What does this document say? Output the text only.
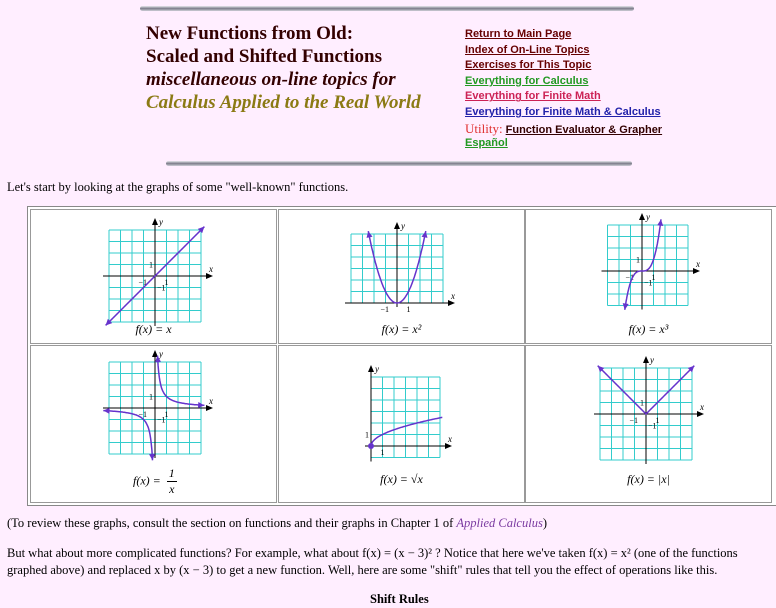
New Functions from Old:
Scaled and Shifted Functions
miscellaneous on-line topics for
Calculus Applied to the Real World
Return to Main Page
Index of On-Line Topics
Exercises for This Topic
Everything for Calculus
Everything for Finite Math
Everything for Finite Math & Calculus
Utility: Function Evaluator & Grapher
Español

Let's start by looking at the graphs of some "well-known" functions.

y
x
1
1
−1
−1
f(x) = x
y
x
1
−1
f(x) = x²
y
x
1
1
−1
−1
f(x) = x³
y
x
1
1
−1
−1
$f(x) = \frac{1}{x}$
y
x
1
1
f(x) = √x
y
x
1
1
−1
−1
f(x) = |x|

(To review these graphs, consult the section on functions and their graphs in Chapter 1 of Applied Calculus)

But what about more complicated functions? For example, what about f(x) = (x − 3)² ? Notice that here we've taken f(x) = x² (one of the functions graphed above) and replaced x by (x − 3) to get a new function. Well, here are some "shift" rules that tell you the effect of operations like this.

Shift Rules
